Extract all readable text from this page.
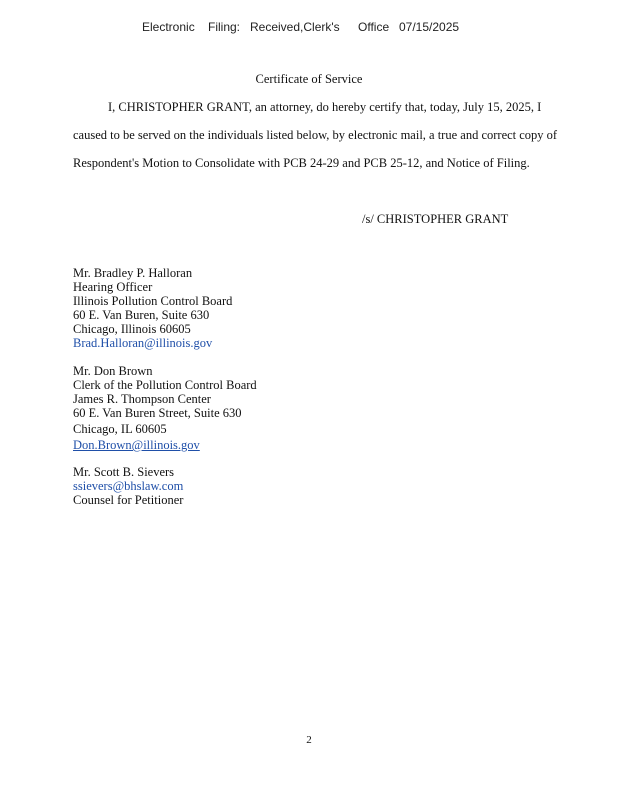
Electronic Filing: Received,Clerk's Office 07/15/2025
Certificate of Service
I, CHRISTOPHER GRANT, an attorney, do hereby certify that, today, July 15, 2025, I
caused to be served on the individuals listed below, by electronic mail, a true and correct copy of
Respondent's Motion to Consolidate with PCB 24-29 and PCB 25-12, and Notice of Filing.
/s/ CHRISTOPHER GRANT
Mr. Bradley P. Halloran
Hearing Officer
Illinois Pollution Control Board
60 E. Van Buren, Suite 630
Chicago, Illinois 60605
Brad.Halloran@illinois.gov
Mr. Don Brown
Clerk of the Pollution Control Board
James R. Thompson Center
60 E. Van Buren Street, Suite 630
Chicago, IL 60605
Don.Brown@illinois.gov
Mr. Scott B. Sievers
ssievers@bhslaw.com
Counsel for Petitioner
2
